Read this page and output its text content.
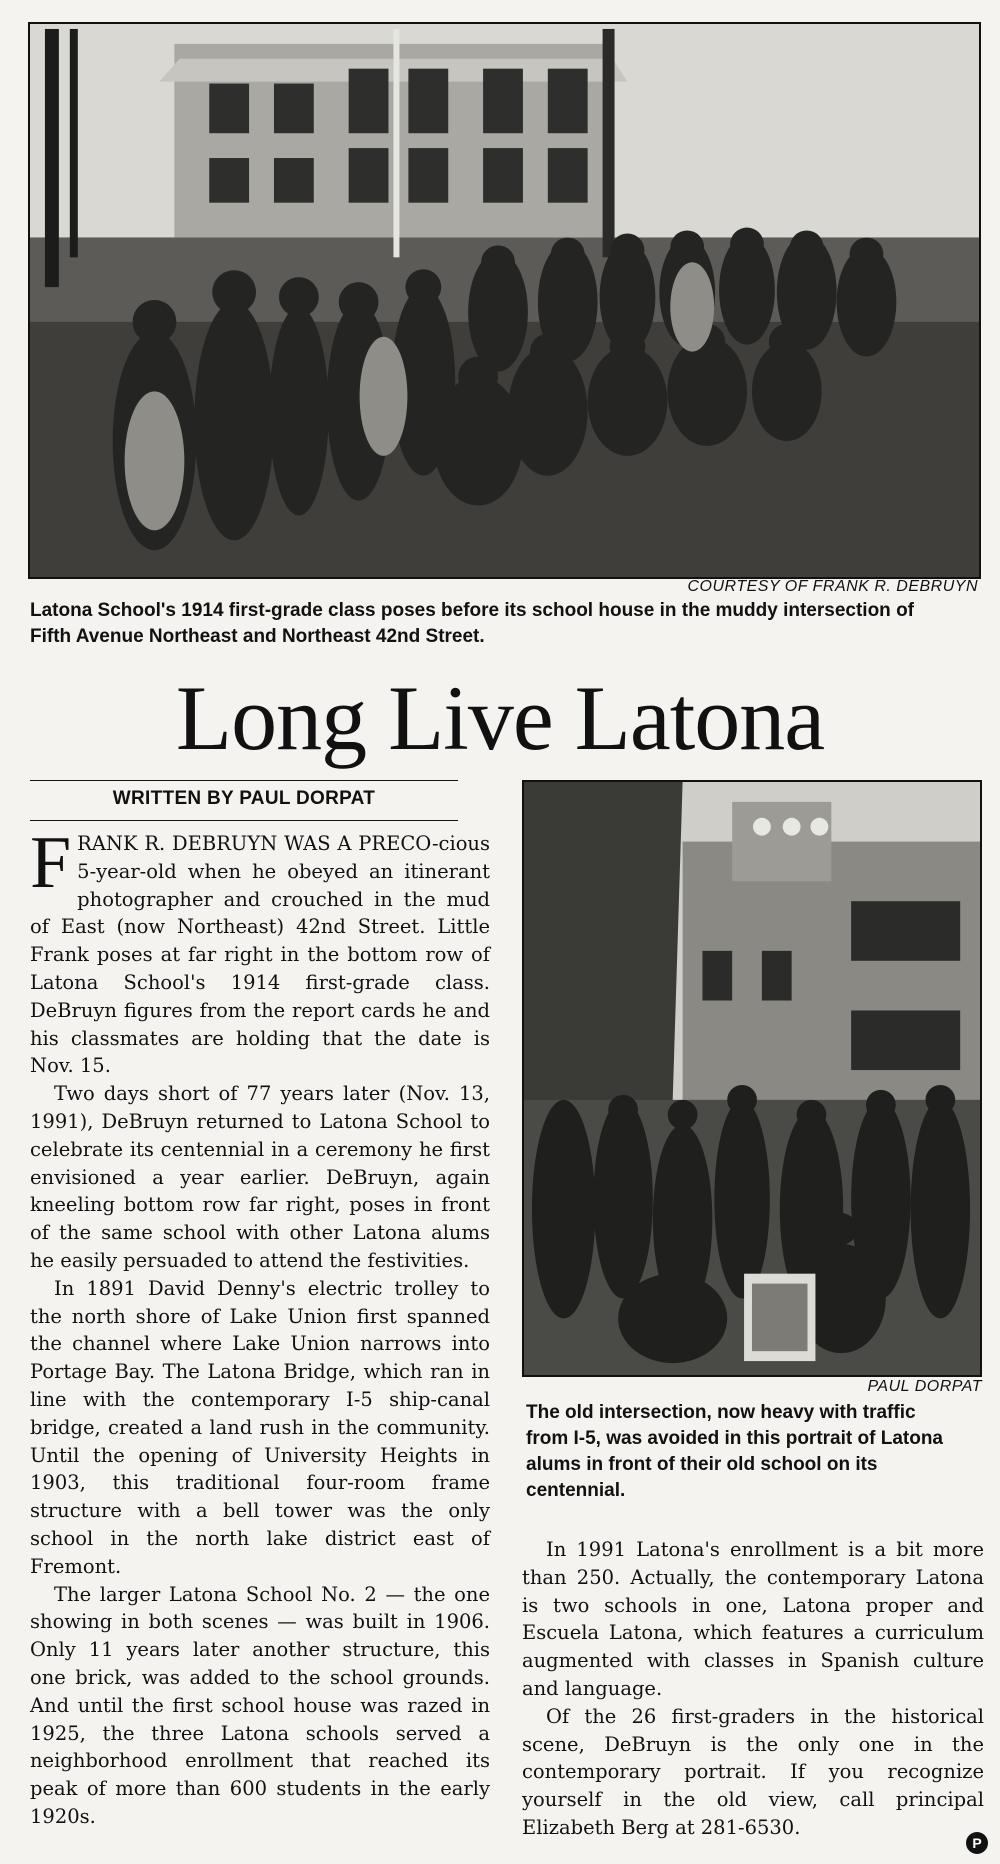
COURTESY OF FRANK R. DEBRUYN
Latona School's 1914 first-grade class poses before its school house in the muddy intersection of Fifth Avenue Northeast and Northeast 42nd Street.
Long Live Latona
WRITTEN BY PAUL DORPAT

FRANK R. DEBRUYN WAS A PRECO-cious 5-year-old when he obeyed an itinerant photographer and crouched in the mud of East (now Northeast) 42nd Street. Little Frank poses at far right in the bottom row of Latona School's 1914 first-grade class. DeBruyn figures from the report cards he and his classmates are holding that the date is Nov. 15.

Two days short of 77 years later (Nov. 13, 1991), DeBruyn returned to Latona School to celebrate its centennial in a ceremony he first envisioned a year earlier. DeBruyn, again kneeling bottom row far right, poses in front of the same school with other Latona alums he easily persuaded to attend the festivities.

In 1891 David Denny's electric trolley to the north shore of Lake Union first spanned the channel where Lake Union narrows into Portage Bay. The Latona Bridge, which ran in line with the contemporary I-5 ship-canal bridge, created a land rush in the community. Until the opening of University Heights in 1903, this traditional four-room frame structure with a bell tower was the only school in the north lake district east of Fremont.

The larger Latona School No. 2 — the one showing in both scenes — was built in 1906. Only 11 years later another structure, this one brick, was added to the school grounds. And until the first school house was razed in 1925, the three Latona schools served a neighborhood enrollment that reached its peak of more than 600 students in the early 1920s.

PAUL DORPAT
The old intersection, now heavy with traffic from I-5, was avoided in this portrait of Latona alums in front of their old school on its centennial.

In 1991 Latona's enrollment is a bit more than 250. Actually, the contemporary Latona is two schools in one, Latona proper and Escuela Latona, which features a curriculum augmented with classes in Spanish culture and language.

Of the 26 first-graders in the historical scene, DeBruyn is the only one in the contemporary portrait. If you recognize yourself in the old view, call principal Elizabeth Berg at 281-6530.

P
